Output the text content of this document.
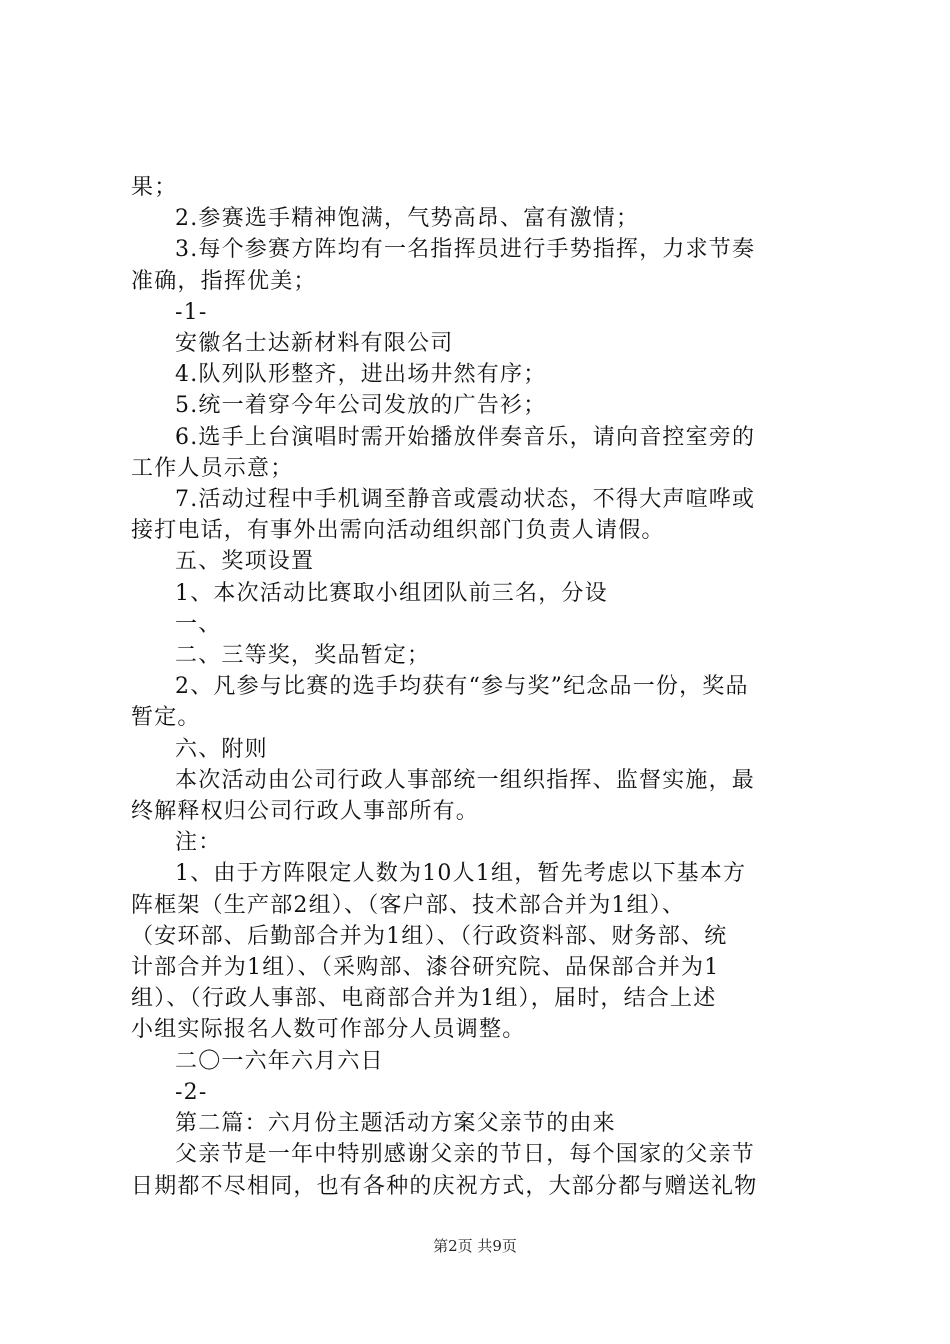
果；
2.参赛选手精神饱满，气势高昂、富有激情；
3.每个参赛方阵均有一名指挥员进行手势指挥，力求节奏
准确，指挥优美；
-1-
安徽名士达新材料有限公司
4.队列队形整齐，进出场井然有序；
5.统一着穿今年公司发放的广告衫；
6.选手上台演唱时需开始播放伴奏音乐，请向音控室旁的
工作人员示意；
7.活动过程中手机调至静音或震动状态，不得大声喧哗或
接打电话，有事外出需向活动组织部门负责人请假。
五、奖项设置
1、本次活动比赛取小组团队前三名，分设
一、
二、三等奖，奖品暂定；
2、凡参与比赛的选手均获有“参与奖”纪念品一份，奖品
暂定。
六、附则
本次活动由公司行政人事部统一组织指挥、监督实施，最
终解释权归公司行政人事部所有。
注：
1、由于方阵限定人数为10人1组，暂先考虑以下基本方
阵框架（生产部2组）、（客户部、技术部合并为1组）、
（安环部、后勤部合并为1组）、（行政资料部、财务部、统
计部合并为1组）、（采购部、漆谷研究院、品保部合并为1
组）、（行政人事部、电商部合并为1组），届时，结合上述
小组实际报名人数可作部分人员调整。
二〇一六年六月六日
-2-
第二篇：六月份主题活动方案父亲节的由来
父亲节是一年中特别感谢父亲的节日，每个国家的父亲节
日期都不尽相同，也有各种的庆祝方式，大部分都与赠送礼物
第2页 共9页
